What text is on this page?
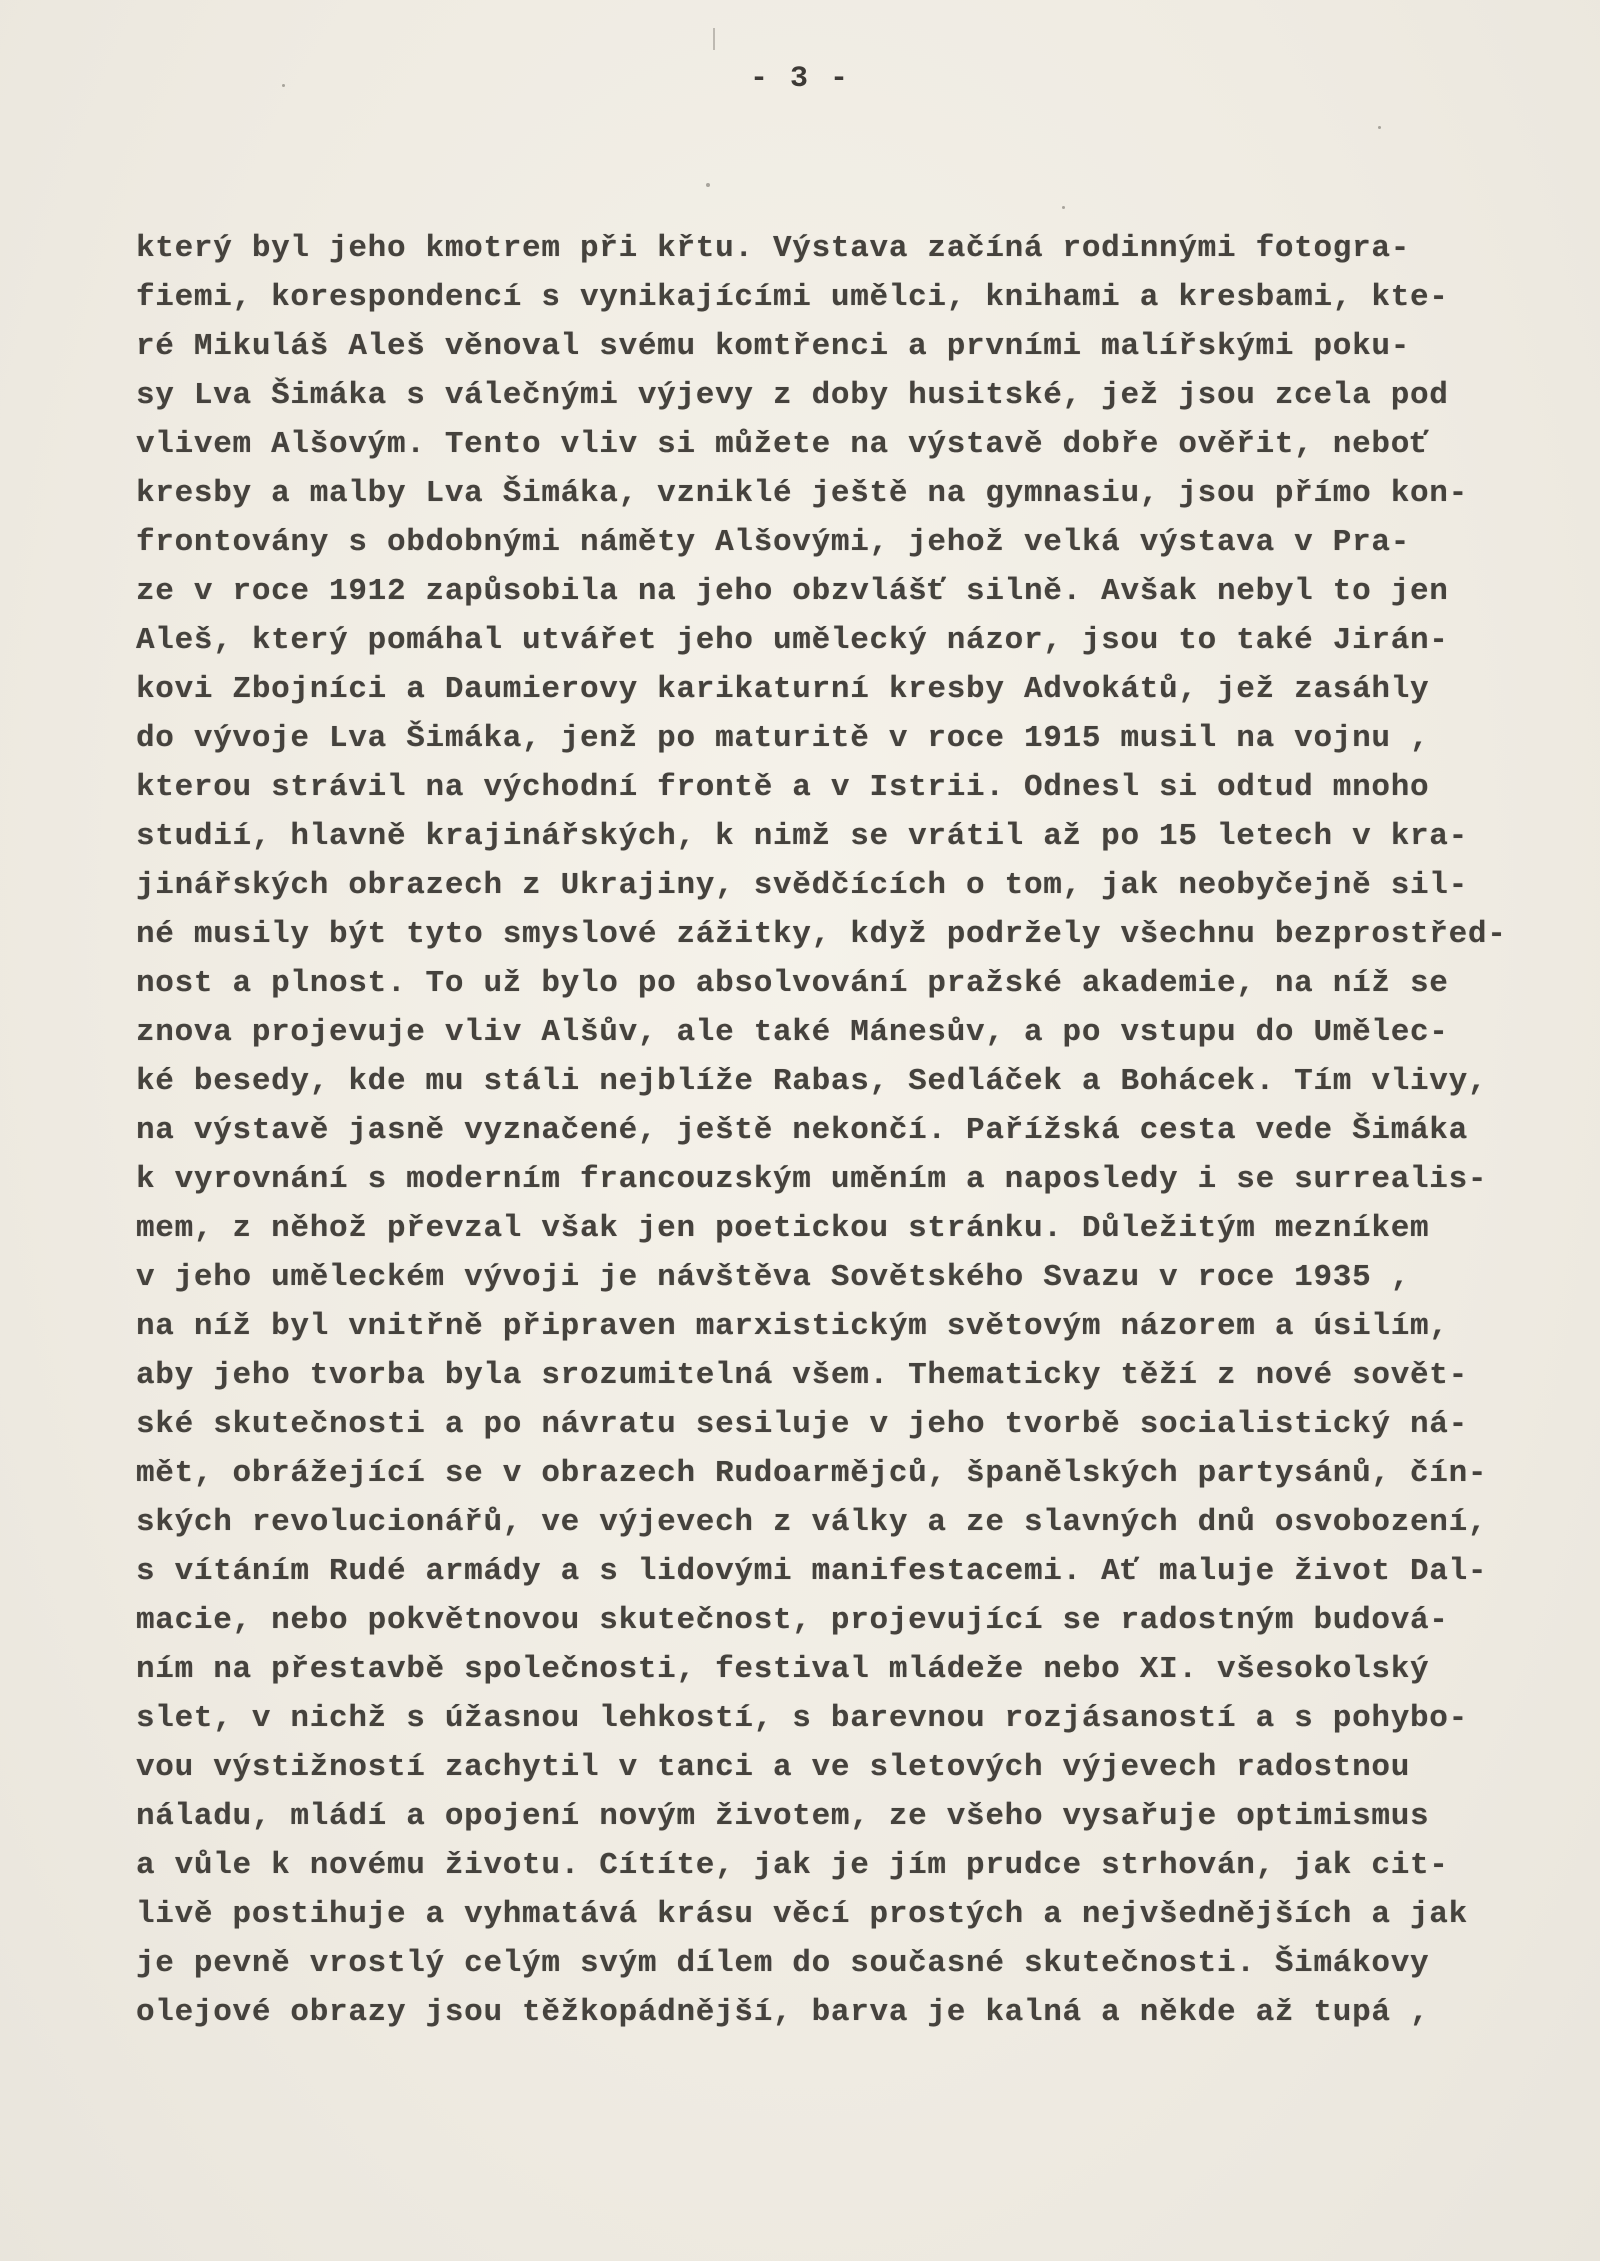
- 3 -
který byl jeho kmotrem při křtu. Výstava začíná rodinnými fotogra-
fiemi, korespondencí s vynikajícími umělci, knihami a kresbami, kte-
ré Mikuláš Aleš věnoval svému komtřenci a prvními malířskými poku-
sy Lva Šimáka s válečnými výjevy z doby husitské, jež jsou zcela pod
vlivem Alšovým. Tento vliv si můžete na výstavě dobře ověřit, neboť
kresby a malby Lva Šimáka, vzniklé ještě na gymnasiu, jsou přímo kon-
frontovány s obdobnými náměty Alšovými, jehož velká výstava v Pra-
ze v roce 1912 zapůsobila na jeho obzvlášť silně. Avšak nebyl to jen
Aleš, který pomáhal utvářet jeho umělecký názor, jsou to také Jirán-
kovi Zbojníci a Daumierovy karikaturní kresby Advokátů, jež zasáhly
do vývoje Lva Šimáka, jenž po maturitě v roce 1915 musil na vojnu ,
kterou strávil na východní frontě a v Istrii. Odnesl si odtud mnoho
studií, hlavně krajinářských, k nimž se vrátil až po 15 letech v kra-
jinářských obrazech z Ukrajiny, svědčících o tom, jak neobyčejně sil-
né musily být tyto smyslové zážitky, když podržely všechnu bezprostřed-
nost a plnost. To už bylo po absolvování pražské akademie, na níž se
znova projevuje vliv Alšův, ale také Mánesův, a po vstupu do Umělec-
ké besedy, kde mu stáli nejblíže Rabas, Sedláček a Bohácek. Tím vlivy,
na výstavě jasně vyznačené, ještě nekončí. Pařížská cesta vede Šimáka
k vyrovnání s moderním francouzským uměním a naposledy i se surrealis-
mem, z něhož převzal však jen poetickou stránku. Důležitým mezníkem
v jeho uměleckém vývoji je návštěva Sovětského Svazu v roce 1935 ,
na níž byl vnitřně připraven marxistickým světovým názorem a úsilím,
aby jeho tvorba byla srozumitelná všem. Thematicky těží z nové sovět-
ské skutečnosti a po návratu sesiluje v jeho tvorbě socialistický ná-
mět, obrážející se v obrazech Rudoarmějců, španělských partysánů, čín-
ských revolucionářů, ve výjevech z války a ze slavných dnů osvobození,
s vítáním Rudé armády a s lidovými manifestacemi. Ať maluje život Dal-
macie, nebo pokvětnovou skutečnost, projevující se radostným budová-
ním na přestavbě společnosti, festival mládeže nebo XI. všesokolský
slet, v nichž s úžasnou lehkostí, s barevnou rozjásaností a s pohybo-
vou výstižností zachytil v tanci a ve sletových výjevech radostnou
náladu, mládí a opojení novým životem, ze všeho vysařuje optimismus
a vůle k novému životu. Cítíte, jak je jím prudce strhován, jak cit-
livě postihuje a vyhmatává krásu věcí prostých a nejvšednějších a jak
je pevně vrostlý celým svým dílem do současné skutečnosti. Šimákovy
olejové obrazy jsou těžkopádnější, barva je kalná a někde až tupá ,
